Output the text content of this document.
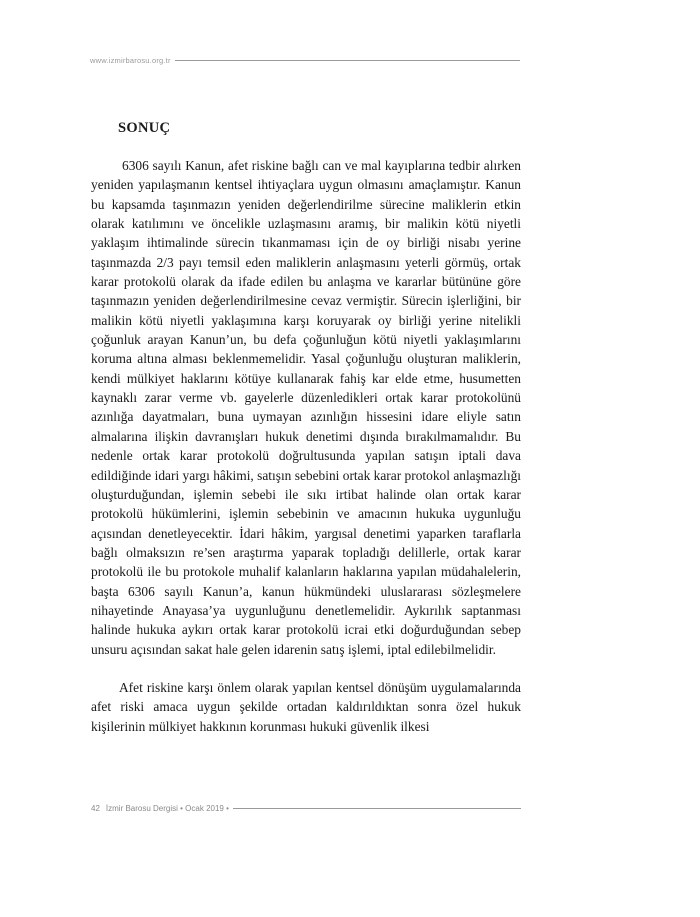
www.izmirbarosu.org.tr
SONUÇ

6306 sayılı Kanun, afet riskine bağlı can ve mal kayıplarına tedbir alırken yeniden yapılaşmanın kentsel ihtiyaçlara uygun olmasını amaçlamıştır. Kanun bu kapsamda taşınmazın yeniden değerlendirilme sürecine maliklerin etkin olarak katılımını ve öncelikle uzlaşmasını aramış, bir malikin kötü niyetli yaklaşım ihtimalinde sürecin tıkanmaması için de oy birliği nisabı yerine taşınmazda 2/3 payı temsil eden maliklerin anlaşmasını yeterli görmüş, ortak karar protokolü olarak da ifade edilen bu anlaşma ve kararlar bütününe göre taşınmazın yeniden değerlendirilmesine cevaz vermiştir. Sürecin işlerliğini, bir malikin kötü niyetli yaklaşımına karşı koruyarak oy birliği yerine nitelikli çoğunluk arayan Kanun’un, bu defa çoğunluğun kötü niyetli yaklaşımlarını koruma altına alması beklenmemelidir. Yasal çoğunluğu oluşturan maliklerin, kendi mülkiyet haklarını kötüye kullanarak fahiş kar elde etme, husumetten kaynaklı zarar verme vb. gayelerle düzenledikleri ortak karar protokolünü azınlığa dayatmaları, buna uymayan azınlığın hissesini idare eliyle satın almalarına ilişkin davranışları hukuk denetimi dışında bırakılmamalıdır. Bu nedenle ortak karar protokolü doğrultusunda yapılan satışın iptali dava edildiğinde idari yargı hâkimi, satışın sebebini ortak karar protokol anlaşmazlığı oluşturduğundan, işlemin sebebi ile sıkı irtibat halinde olan ortak karar protokolü hükümlerini, işlemin sebebinin ve amacının hukuka uygunluğu açısından denetleyecektir. İdari hâkim, yargısal denetimi yaparken taraflarla bağlı olmaksızın re’sen araştırma yaparak topladığı delillerle, ortak karar protokolü ile bu protokole muhalif kalanların haklarına yapılan müdahalelerin, başta 6306 sayılı Kanun’a, kanun hükmündeki uluslararası sözleşmelere nihayetinde Anayasa’ya uygunluğunu denetlemelidir. Aykırılık saptanması halinde hukuka aykırı ortak karar protokolü icrai etki doğurduğundan sebep unsuru açısından sakat hale gelen idarenin satış işlemi, iptal edilebilmelidir.

Afet riskine karşı önlem olarak yapılan kentsel dönüşüm uygulamalarında afet riski amaca uygun şekilde ortadan kaldırıldıktan sonra özel hukuk kişilerinin mülkiyet hakkının korunması hukuki güvenlik ilkesi

42 İzmir Barosu Dergisi • Ocak 2019 •
